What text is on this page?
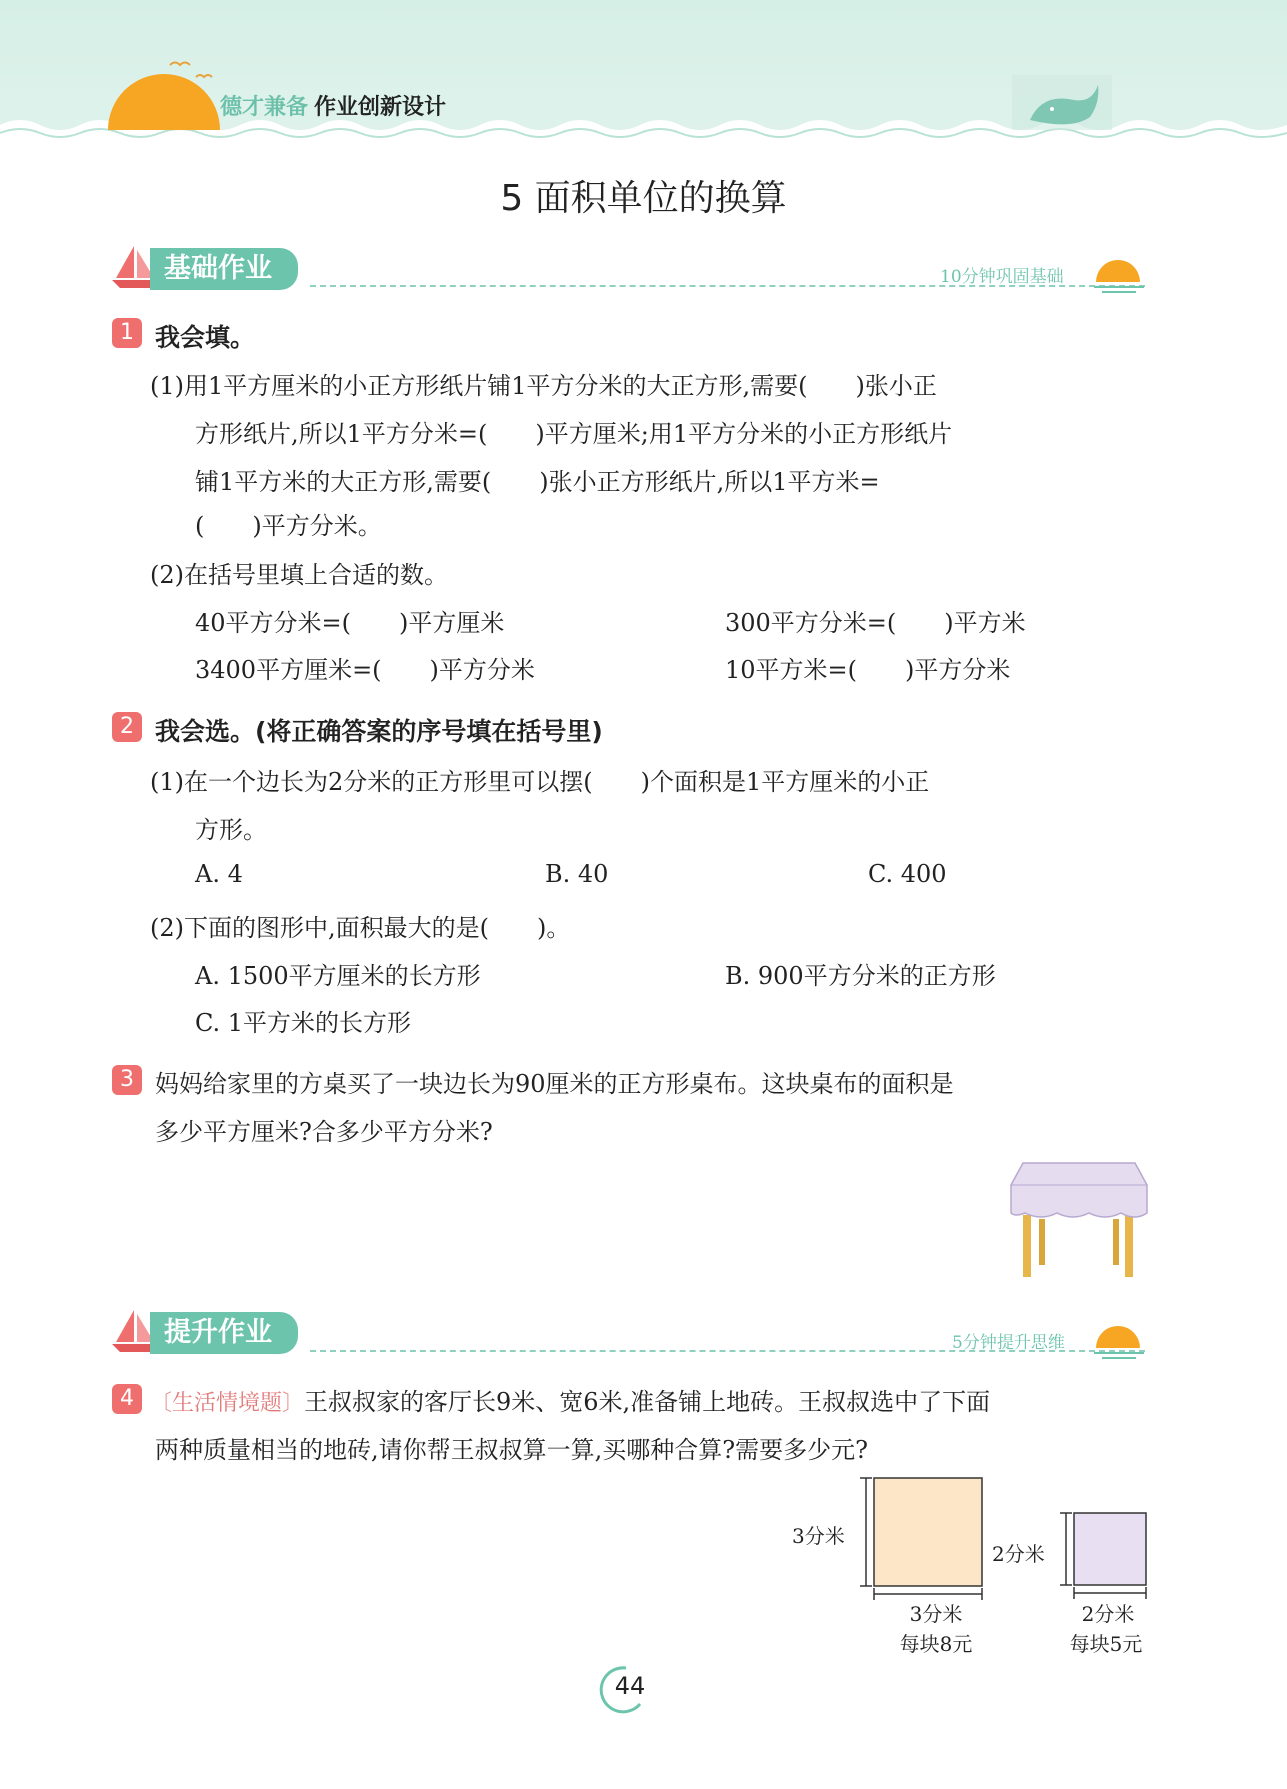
德才兼备 作业创新设计
5 面积单位的换算
基础作业	10分钟巩固基础
1 我会填。
(1)用1平方厘米的小正方形纸片铺1平方分米的大正方形,需要(　　)张小正
方形纸片,所以1平方分米=(　　)平方厘米;用1平方分米的小正方形纸片
铺1平方米的大正方形,需要(　　)张小正方形纸片,所以1平方米=
(　　)平方分米。
(2)在括号里填上合适的数。
40平方分米=(　　)平方厘米	300平方分米=(　　)平方米
3400平方厘米=(　　)平方分米	10平方米=(　　)平方分米
2 我会选。(将正确答案的序号填在括号里)
(1)在一个边长为2分米的正方形里可以摆(　　)个面积是1平方厘米的小正
方形。
A. 4	B. 40	C. 400
(2)下面的图形中,面积最大的是(　　)。
A. 1500平方厘米的长方形	B. 900平方分米的正方形
C. 1平方米的长方形
3 妈妈给家里的方桌买了一块边长为90厘米的正方形桌布。这块桌布的面积是
多少平方厘米?合多少平方分米?
提升作业	5分钟提升思维
4 〔生活情境题〕王叔叔家的客厅长9米、宽6米,准备铺上地砖。王叔叔选中了下面
两种质量相当的地砖,请你帮王叔叔算一算,买哪种合算?需要多少元?
3分米
3分米
每块8元
2分米
2分米
每块5元
44
